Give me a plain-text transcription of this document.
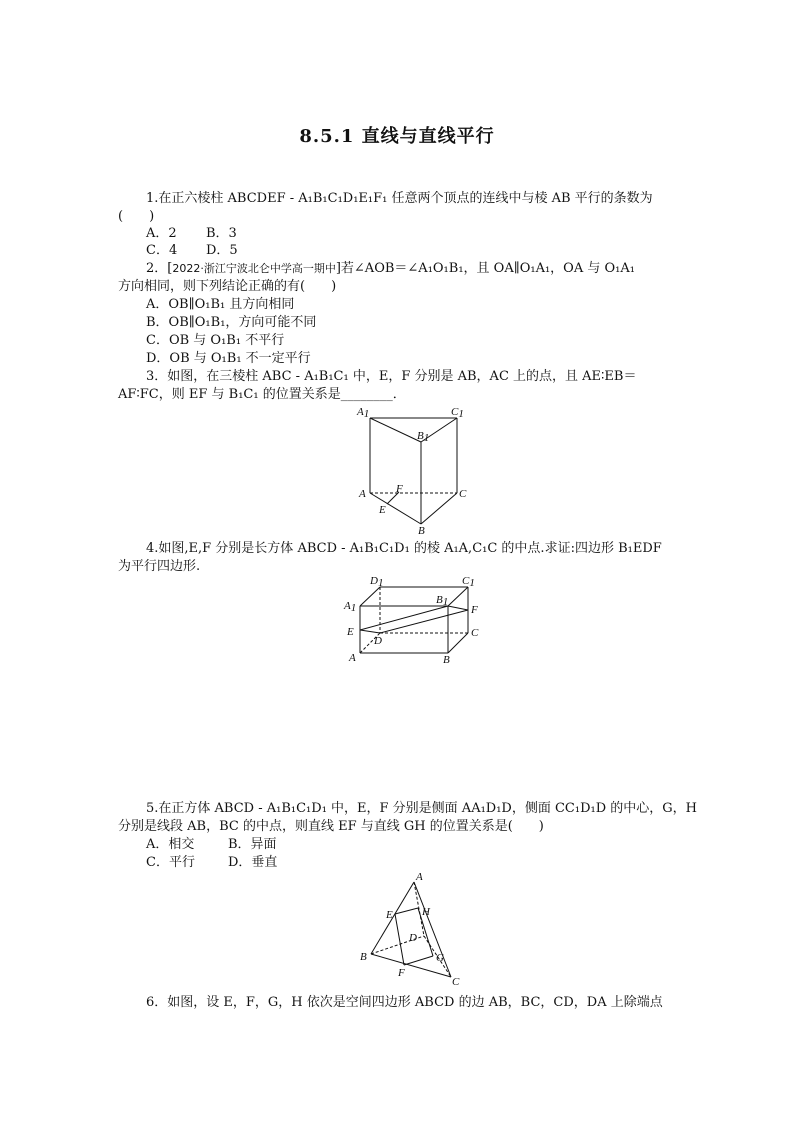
8.5.1 直线与直线平行
1.在正六棱柱 ABCDEF - A₁B₁C₁D₁E₁F₁ 任意两个顶点的连线中与棱 AB 平行的条数为
(　　)
A．2 B．3
C．4 D．5
2．[2022·浙江宁波北仑中学高一期中]若∠AOB＝∠A₁O₁B₁，且 OA∥O₁A₁，OA 与 O₁A₁
方向相同，则下列结论正确的有(　　)
A．OB∥O₁B₁ 且方向相同
B．OB∥O₁B₁，方向可能不同
C．OB 与 O₁B₁ 不平行
D．OB 与 O₁B₁ 不一定平行
3．如图，在三棱柱 ABC - A₁B₁C₁ 中，E，F 分别是 AB，AC 上的点，且 AE∶EB＝
AF∶FC，则 EF 与 B₁C₁ 的位置关系是________．
A1	C1
B1
A	C
B
E
F
4.如图,E,F 分别是长方体 ABCD - A₁B₁C₁D₁ 的棱 A₁A,C₁C 的中点.求证:四边形 B₁EDF
为平行四边形.
D1	C1
A1
B1
F
E	C
D
A	B
5.在正方体 ABCD - A₁B₁C₁D₁ 中，E，F 分别是侧面 AA₁D₁D，侧面 CC₁D₁D 的中心，G，H
分别是线段 AB，BC 的中点，则直线 EF 与直线 GH 的位置关系是(　　)
A．相交	B．异面
C．平行	D．垂直
A
E	H
D
B	G
F
C
6．如图，设 E，F，G，H 依次是空间四边形 ABCD 的边 AB，BC，CD，DA 上除端点
